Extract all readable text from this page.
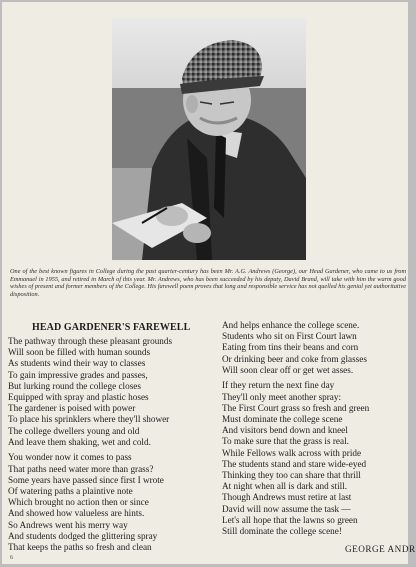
One of the best known figures in College during the past quarter-century has been Mr. A.G. Andrews (George), our Head Gardener, who came to us from Emmanuel in 1955, and retired in March of this year. Mr. Andrews, who has been succeeded by his deputy, David Brand, will take with him the warm good wishes of present and former members of the College. His farewell poem proves that long and responsible service has not quelled his genial yet authoritative disposition.
HEAD GARDENER'S FAREWELL
The pathway through these pleasant grounds
Will soon be filled with human sounds
As students wind their way to classes
To gain impressive grades and passes,
But lurking round the college closes
Equipped with spray and plastic hoses
The gardener is poised with power
To place his sprinklers where they'll shower
The college dwellers young and old
And leave them shaking, wet and cold.
You wonder now it comes to pass
That paths need water more than grass?
Some years have passed since first I wrote
Of watering paths a plaintive note
Which brought no action then or since
And showed how valueless are hints.
So Andrews went his merry way
And students dodged the glittering spray
That keeps the paths so fresh and clean
And helps enhance the college scene.
Students who sit on First Court lawn
Eating from tins their beans and corn
Or drinking beer and coke from glasses
Will soon clear off or get wet asses.
If they return the next fine day
They'll only meet another spray:
The First Court grass so fresh and green
Must dominate the college scene
And visitors bend down and kneel
To make sure that the grass is real.
While Fellows walk across with pride
The students stand and stare wide-eyed
Thinking they too can share that thrill
At night when all is dark and still.
Though Andrews must retire at last
David will now assume the task —
Let's all hope that the lawns so green
Still dominate the college scene!
GEORGE ANDR
6
